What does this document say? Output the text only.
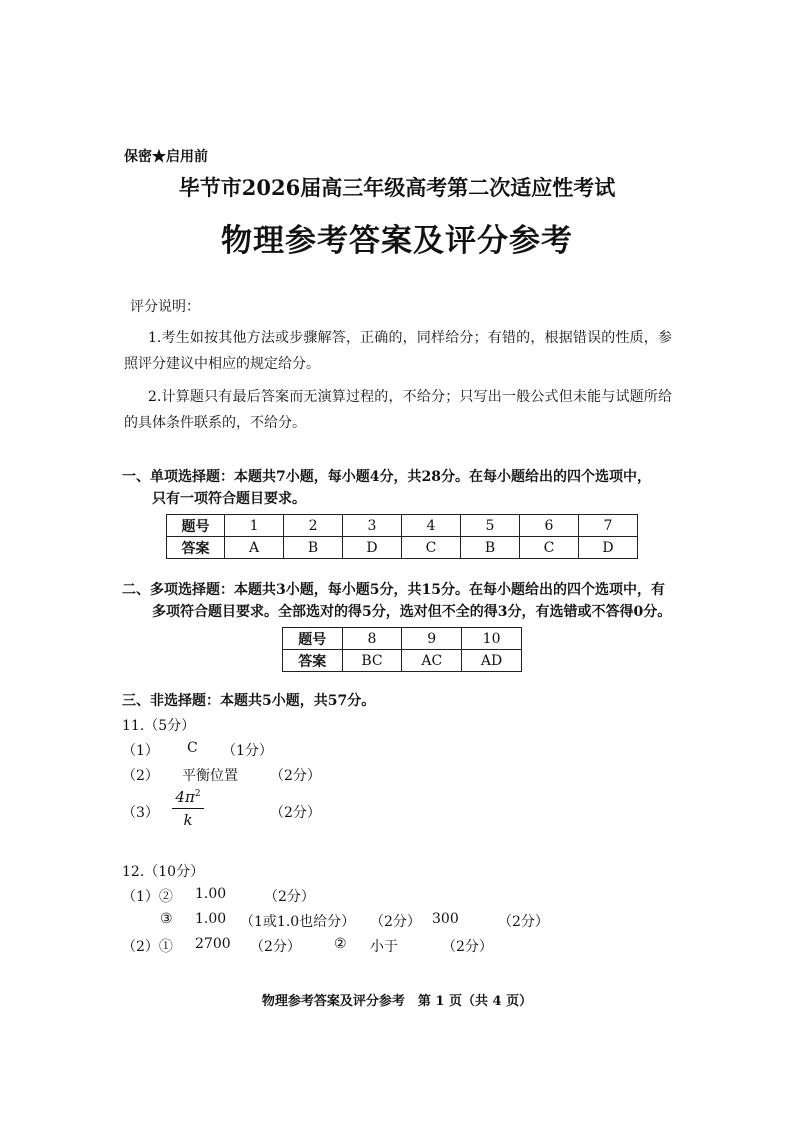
保密★启用前
毕节市2026届高三年级高考第二次适应性考试
物理参考答案及评分参考
评分说明：
1.考生如按其他方法或步骤解答，正确的，同样给分；有错的，根据错误的性质，参照评分建议中相应的规定给分。
2.计算题只有最后答案而无演算过程的，不给分；只写出一般公式但未能与试题所给的具体条件联系的，不给分。
一、单项选择题：本题共7小题，每小题4分，共28分。在每小题给出的四个选项中，
只有一项符合题目要求。
题号	1	2	3	4	5	6	7
答案	A	B	D	C	B	C	D
二、多项选择题：本题共3小题，每小题5分，共15分。在每小题给出的四个选项中，有
多项符合题目要求。全部选对的得5分，选对但不全的得3分，有选错或不答得0分。
题号	8	9	10
答案	BC	AC	AD
三、非选择题：本题共5小题，共57分。
11.（5分）
（1） C （1分）
（2） 平衡位置 （2分）
$(3) \frac{4\pi^2}{k}$	（2分）
12.（10分）
（1）② 1.00	（2分）
③ 1.00 （1或1.0也给分） （2分） 300	（2分）
（2）① 2700 （2分） ② 小于	（2分）
物理参考答案及评分参考　第 1 页（共 4 页）
